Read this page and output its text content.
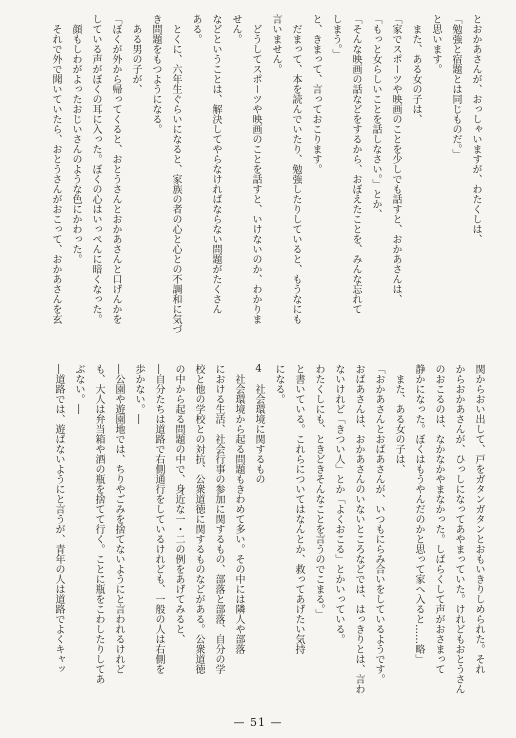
とおかあさんが、おっしゃいますが、わたくしは、
「勉強と宿題とは同じものだ。」
と思います。
また、ある女の子は、
「家でスポーツや映画のことを少しでも話すと、おかあさんは、
「もっと女らしいことを話しなさい。」とか、
「そんな映画の話などをするから、おぼえたことを、みんな忘れて
しまう。」
と、きまって、言っておこります。
だまって、本を読んでいたり、勉強したりしていると、もうなにも
言いません。
どうしてスポーツや映画のことを話すと、いけないのか、わかりま
せん。
などということは、解決してやらなければならない問題がたくさん
ある。
とくに、六年生ぐらいになると、家族の者の心と心との不調和に気づ
き問題をもつようになる。
ある男の子が、
「ぼくが外から帰ってくると、おとうさんとおかあさんと口げんかを
している声がぼくの耳に入った。ぼくの心はいっぺんに暗くなった。
顔もしわがよったおじいさんのような色にかわった。
それで外で聞いていたら、おとうさんがおこって、おかあさんを玄
関からおい出して、戸をガタンガタンとおもいきりしめられた。それ
からおかあさんが、ひっしになってあやまっていた。けれどもおとうさん
のおこるのは、なかなかやまなかった。しばらくして声がおさまって
静かになった。ぼくはもうやんだのかと思って家へ入ると……略」
また、ある女の子は、
「おかあさんとおばあさんが、いつもにらみ合いをしているようです。
おばあさんは、おかあさんのいないところなどでは、はっきりとは、言わ
ないけれど「きつい人」とか「よくおこる」とかいっている。
わたくしにも、ときどきそんなことを言うのでこまる。」
と書いている。これらについてはなんとか、救ってあげたい気持
になる。
4社会環境に関するもの
社会環境から起る問題もきわめて多い。その中には隣人や部落
における生活、社会行事の参加に関するもの、部落と部落、自分の学
校と他の学校との対抗、公衆道徳に関するものなどがある。公衆道徳
の中から起る問題の中で、身近な一・二の例をあげてみると、
―自分たちは道路で右側通行をしているけれども、一般の人は右側を
歩かない。―
―公園や遊園地では、ちりやごみを捨てないようにと言われるけれど
も、大人は弁当箱や酒の瓶を捨てて行く。ことに瓶をこわしたりしてあ
ぶない。―
―道路では、遊ばないようにと言うが、青年の人は道路でよくキャッ
— 51 —
